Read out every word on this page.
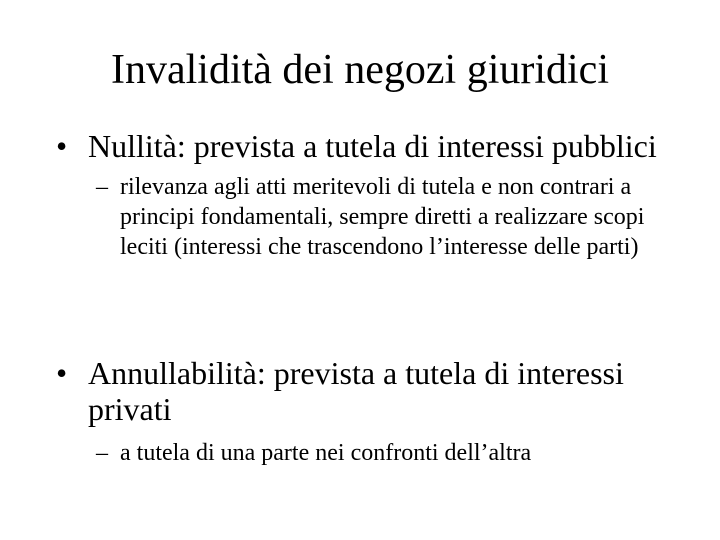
Invalidità dei negozi giuridici
• Nullità: prevista a tutela di interessi pubblici
– rilevanza agli atti meritevoli di tutela e non contrari a principi fondamentali, sempre diretti a realizzare scopi leciti (interessi che trascendono l’interesse delle parti)
• Annullabilità: prevista a tutela di interessi privati
– a tutela di una parte nei confronti dell’altra
